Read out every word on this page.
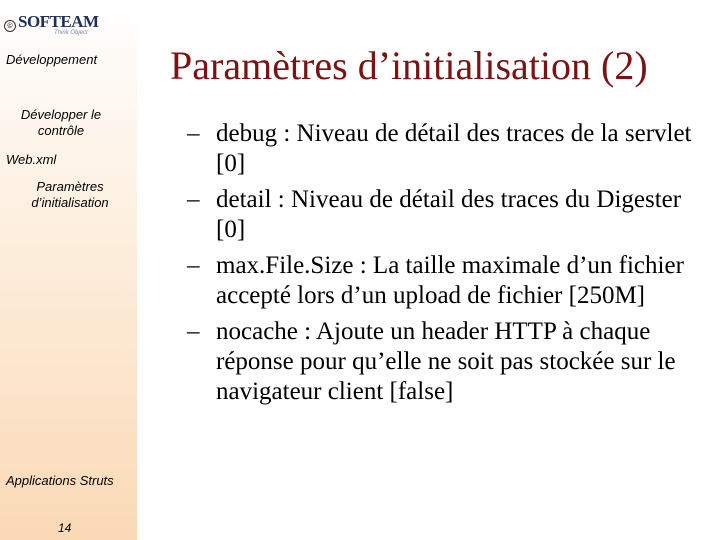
© SOFTEAM
Think Object
Développement
Développer le contrôle
Web.xml
Paramètres d’initialisation
Applications Struts
14
Paramètres d’initialisation (2)
– debug : Niveau de détail des traces de la servlet [0]
– detail : Niveau de détail des traces du Digester [0]
– max.File.Size : La taille maximale d’un fichier accepté lors d’un upload de fichier [250M]
– nocache : Ajoute un header HTTP à chaque réponse pour qu’elle ne soit pas stockée sur le navigateur client [false]
